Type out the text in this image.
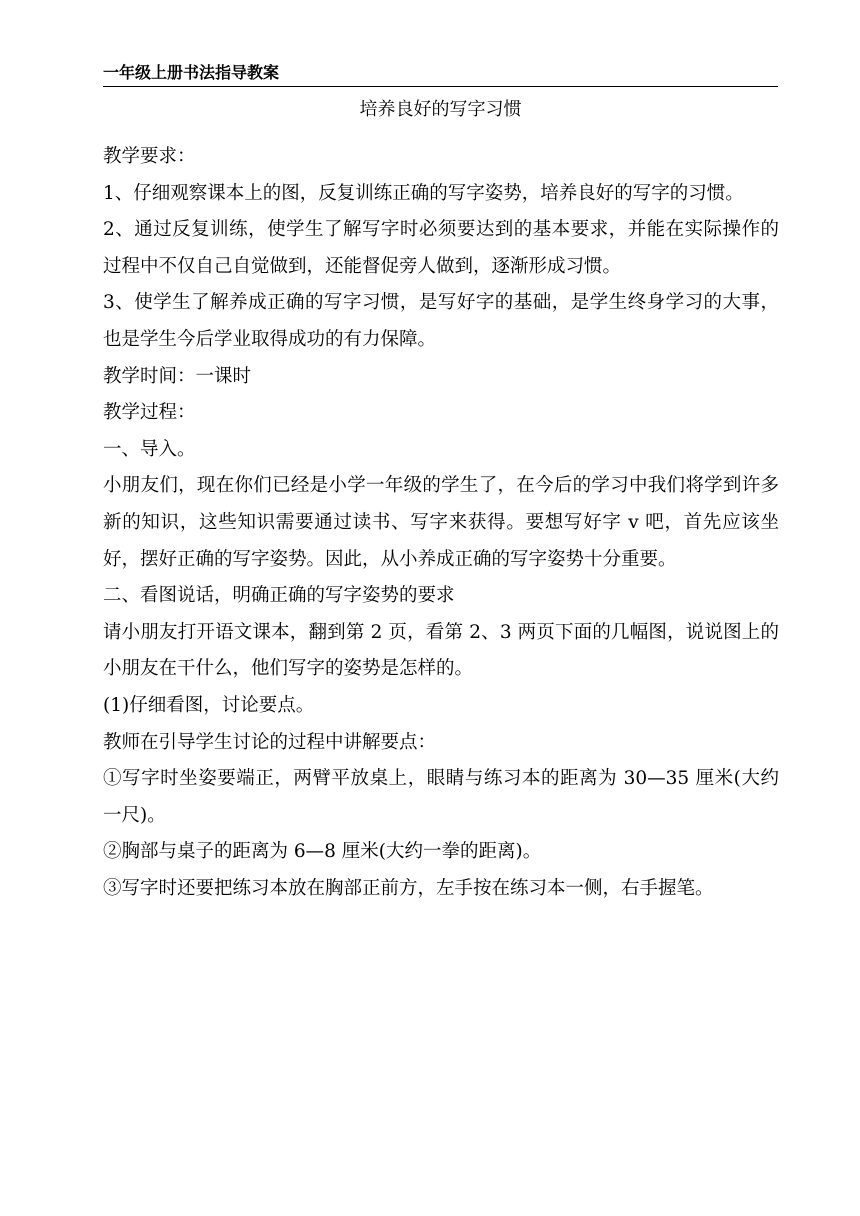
一年级上册书法指导教案
培养良好的写字习惯

教学要求：

1、仔细观察课本上的图，反复训练正确的写字姿势，培养良好的写字的习惯。

2、通过反复训练，使学生了解写字时必须要达到的基本要求，并能在实际操作的过程中不仅自己自觉做到，还能督促旁人做到，逐渐形成习惯。

3、使学生了解养成正确的写字习惯，是写好字的基础，是学生终身学习的大事，也是学生今后学业取得成功的有力保障。

教学时间：一课时

教学过程：

一、导入。

小朋友们，现在你们已经是小学一年级的学生了，在今后的学习中我们将学到许多新的知识，这些知识需要通过读书、写字来获得。要想写好字 v 吧，首先应该坐好，摆好正确的写字姿势。因此，从小养成正确的写字姿势十分重要。

二、看图说话，明确正确的写字姿势的要求

请小朋友打开语文课本，翻到第 2 页，看第 2、3 两页下面的几幅图，说说图上的小朋友在干什么，他们写字的姿势是怎样的。

(1)仔细看图，讨论要点。

教师在引导学生讨论的过程中讲解要点：

①写字时坐姿要端正，两臂平放桌上，眼睛与练习本的距离为 30—35 厘米(大约一尺)。

②胸部与桌子的距离为 6—8 厘米(大约一拳的距离)。

③写字时还要把练习本放在胸部正前方，左手按在练习本一侧，右手握笔。
